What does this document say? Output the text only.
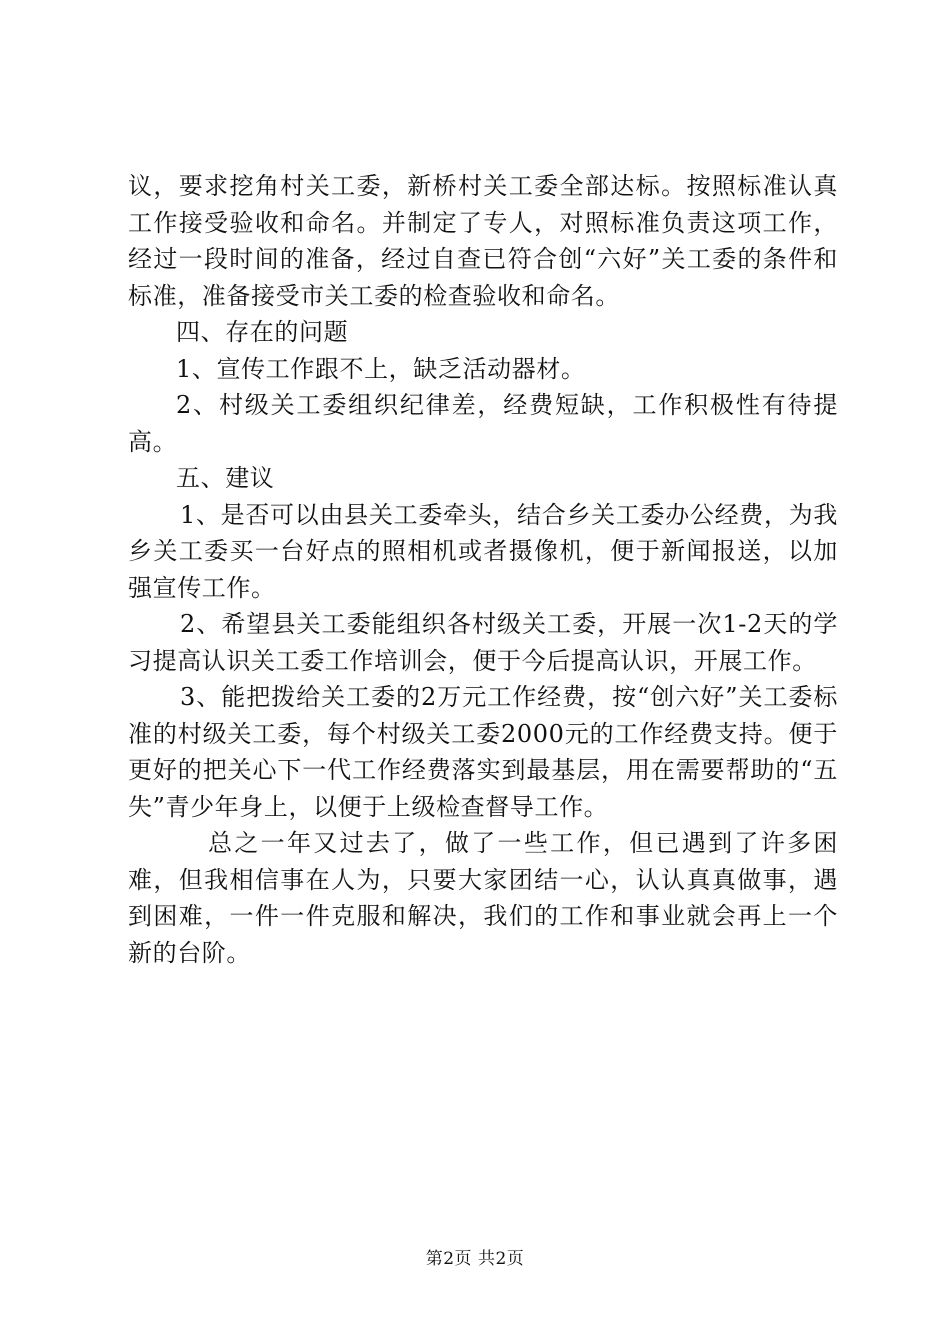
议，要求挖角村关工委，新桥村关工委全部达标。按照标准认真工作接受验收和命名。并制定了专人，对照标准负责这项工作，经过一段时间的准备，经过自查已符合创“六好”关工委的条件和标准，准备接受市关工委的检查验收和命名。

四、存在的问题

1、宣传工作跟不上，缺乏活动器材。

2、村级关工委组织纪律差，经费短缺，工作积极性有待提高。

五、建议

1、是否可以由县关工委牵头，结合乡关工委办公经费，为我乡关工委买一台好点的照相机或者摄像机，便于新闻报送，以加强宣传工作。

2、希望县关工委能组织各村级关工委，开展一次1-2天的学习提高认识关工委工作培训会，便于今后提高认识，开展工作。

3、能把拨给关工委的2万元工作经费，按“创六好”关工委标准的村级关工委，每个村级关工委2000元的工作经费支持。便于更好的把关心下一代工作经费落实到最基层，用在需要帮助的“五失”青少年身上，以便于上级检查督导工作。

总之一年又过去了，做了一些工作，但已遇到了许多困难，但我相信事在人为，只要大家团结一心，认认真真做事，遇到困难，一件一件克服和解决，我们的工作和事业就会再上一个新的台阶。

第2页 共2页
